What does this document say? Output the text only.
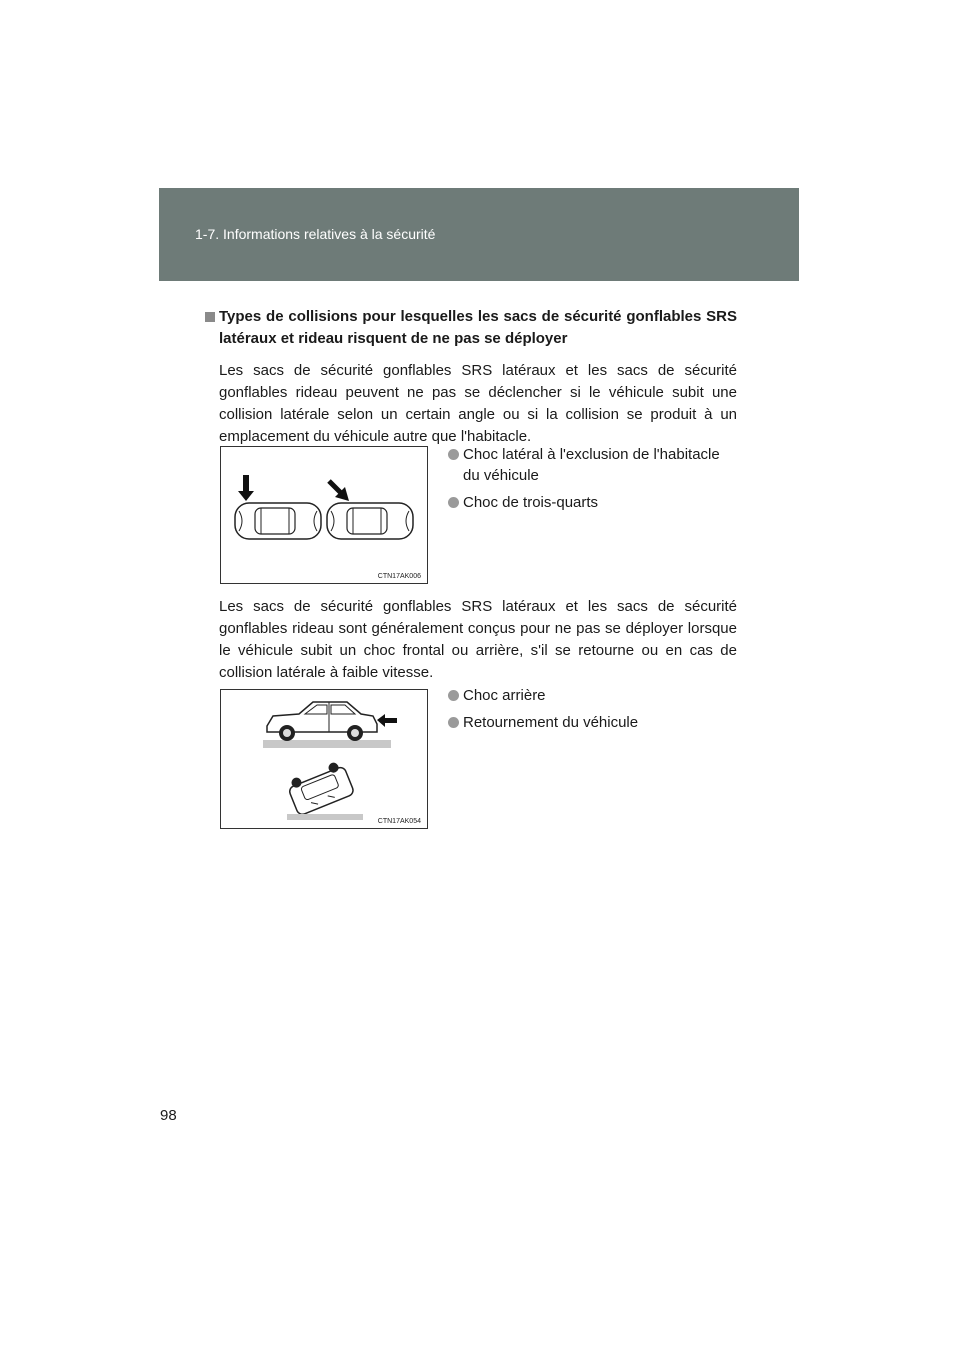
1-7. Informations relatives à la sécurité
Types de collisions pour lesquelles les sacs de sécurité gonflables SRS latéraux et rideau risquent de ne pas se déployer
Les sacs de sécurité gonflables SRS latéraux et les sacs de sécurité gonflables rideau peuvent ne pas se déclencher si le véhicule subit une collision latérale selon un certain angle ou si la collision se produit à un emplacement du véhicule autre que l'habitacle.
CTN17AK006
Choc latéral à l'exclusion de l'habitacle du véhicule
Choc de trois-quarts
Les sacs de sécurité gonflables SRS latéraux et les sacs de sécurité gonflables rideau sont généralement conçus pour ne pas se déployer lorsque le véhicule subit un choc frontal ou arrière, s'il se retourne ou en cas de collision latérale à faible vitesse.
CTN17AK054
Choc arrière
Retournement du véhicule
98
